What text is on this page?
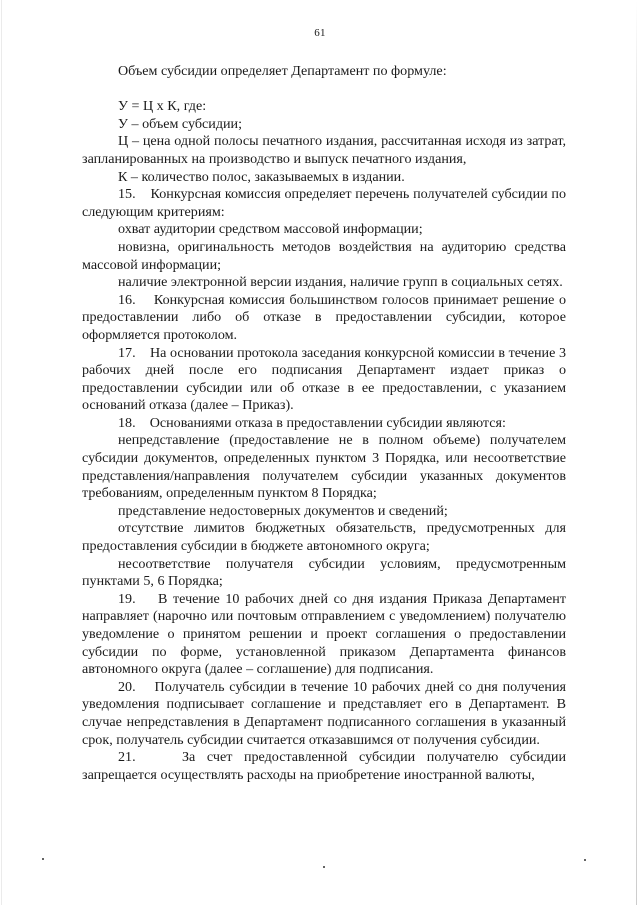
61

Объем субсидии определяет Департамент по формуле:

У = Ц х К, где:

У – объем субсидии;

Ц – цена одной полосы печатного издания, рассчитанная исходя из затрат, запланированных на производство и выпуск печатного издания,

К – количество полос, заказываемых в издании.

15.    Конкурсная комиссия определяет перечень получателей субсидии по следующим критериям:

охват аудитории средством массовой информации;

новизна, оригинальность методов воздействия на аудиторию средства массовой информации;

наличие электронной версии издания, наличие групп в социальных сетях.

16.    Конкурсная комиссия большинством голосов принимает решение о предоставлении либо об отказе в предоставлении субсидии, которое оформляется протоколом.

17.    На основании протокола заседания конкурсной комиссии в течение 3 рабочих дней после его подписания Департамент издает приказ о предоставлении субсидии или об отказе в ее предоставлении, с указанием оснований отказа (далее – Приказ).

18.    Основаниями отказа в предоставлении субсидии являются:

непредставление (предоставление не в полном объеме) получателем субсидии документов, определенных пунктом 3 Порядка, или несоответствие представления/направления получателем субсидии указанных документов требованиям, определенным пунктом 8 Порядка;

представление недостоверных документов и сведений;

отсутствие лимитов бюджетных обязательств, предусмотренных для предоставления субсидии в бюджете автономного округа;

несоответствие получателя субсидии условиям, предусмотренным пунктами 5, 6 Порядка;

19.    В течение 10 рабочих дней со дня издания Приказа Департамент направляет (нарочно или почтовым отправлением с уведомлением) получателю уведомление о принятом решении и проект соглашения о предоставлении субсидии по форме, установленной приказом Департамента финансов автономного округа (далее – соглашение) для подписания.

20.    Получатель субсидии в течение 10 рабочих дней со дня получения уведомления подписывает соглашение и представляет его в Департамент. В случае непредставления в Департамент подписанного соглашения в указанный срок, получатель субсидии считается отказавшимся от получения субсидии.

21.    За счет предоставленной субсидии получателю субсидии запрещается осуществлять расходы на приобретение иностранной валюты,
